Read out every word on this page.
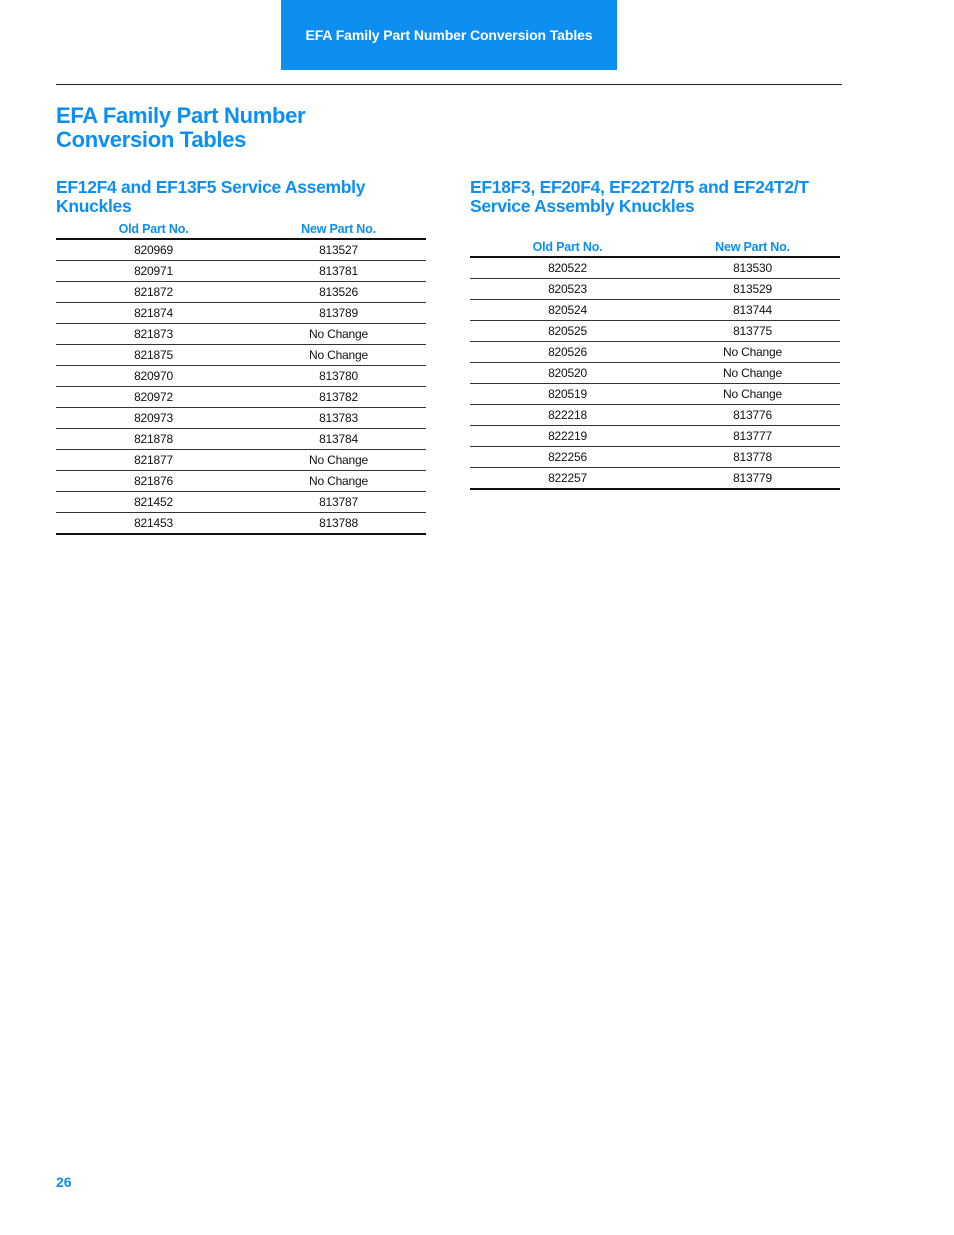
EFA Family Part Number Conversion Tables
EFA Family Part Number Conversion Tables
EF12F4 and EF13F5 Service Assembly Knuckles
Old Part No.	New Part No.
820969	813527
820971	813781
821872	813526
821874	813789
821873	No Change
821875	No Change
820970	813780
820972	813782
820973	813783
821878	813784
821877	No Change
821876	No Change
821452	813787
821453	813788
EF18F3, EF20F4, EF22T2/T5 and EF24T2/T Service Assembly Knuckles
Old Part No.	New Part No.
820522	813530
820523	813529
820524	813744
820525	813775
820526	No Change
820520	No Change
820519	No Change
822218	813776
822219	813777
822256	813778
822257	813779
26
